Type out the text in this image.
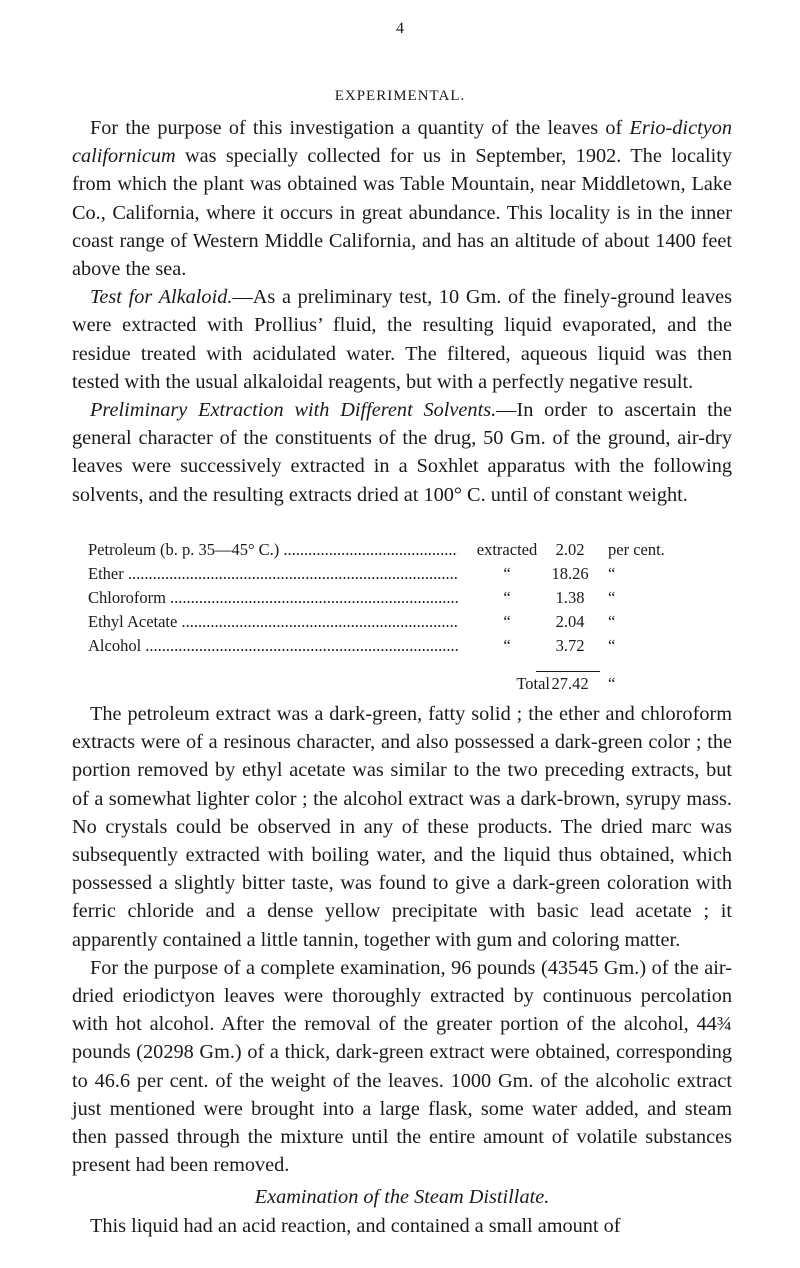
4
EXPERIMENTAL.

For the purpose of this investigation a quantity of the leaves of Erio-dictyon californicum was specially collected for us in September, 1902. The locality from which the plant was obtained was Table Mountain, near Middletown, Lake Co., California, where it occurs in great abundance. This locality is in the inner coast range of Western Middle California, and has an altitude of about 1400 feet above the sea.

Test for Alkaloid.—As a preliminary test, 10 Gm. of the finely-ground leaves were extracted with Prollius’ fluid, the resulting liquid evaporated, and the residue treated with acidulated water. The filtered, aqueous liquid was then tested with the usual alkaloidal reagents, but with a perfectly negative result.

Preliminary Extraction with Different Solvents.—In order to ascertain the general character of the constituents of the drug, 50 Gm. of the ground, air-dry leaves were successively extracted in a Soxhlet apparatus with the following solvents, and the resulting extracts dried at 100° C. until of constant weight.

Petroleum (b. p. 35—45° C.) .....	extracted	2.02	per cent.
Ether .....	“	18.26	“
Chloroform .....	“	1.38	“
Ethyl Acetate .....	“	2.04	“
Alcohol .....	“	3.72	“
Total 27.42	“

The petroleum extract was a dark-green, fatty solid ; the ether and chloroform extracts were of a resinous character, and also possessed a dark-green color ; the portion removed by ethyl acetate was similar to the two preceding extracts, but of a somewhat lighter color ; the alcohol extract was a dark-brown, syrupy mass. No crystals could be observed in any of these products. The dried marc was subsequently extracted with boiling water, and the liquid thus obtained, which possessed a slightly bitter taste, was found to give a dark-green coloration with ferric chloride and a dense yellow precipitate with basic lead acetate ; it apparently contained a little tannin, together with gum and coloring matter.

For the purpose of a complete examination, 96 pounds (43545 Gm.) of the air-dried eriodictyon leaves were thoroughly extracted by continuous percolation with hot alcohol. After the removal of the greater portion of the alcohol, 44¾ pounds (20298 Gm.) of a thick, dark-green extract were obtained, corresponding to 46.6 per cent. of the weight of the leaves. 1000 Gm. of the alcoholic extract just mentioned were brought into a large flask, some water added, and steam then passed through the mixture until the entire amount of volatile substances present had been removed.

Examination of the Steam Distillate.

This liquid had an acid reaction, and contained a small amount of
